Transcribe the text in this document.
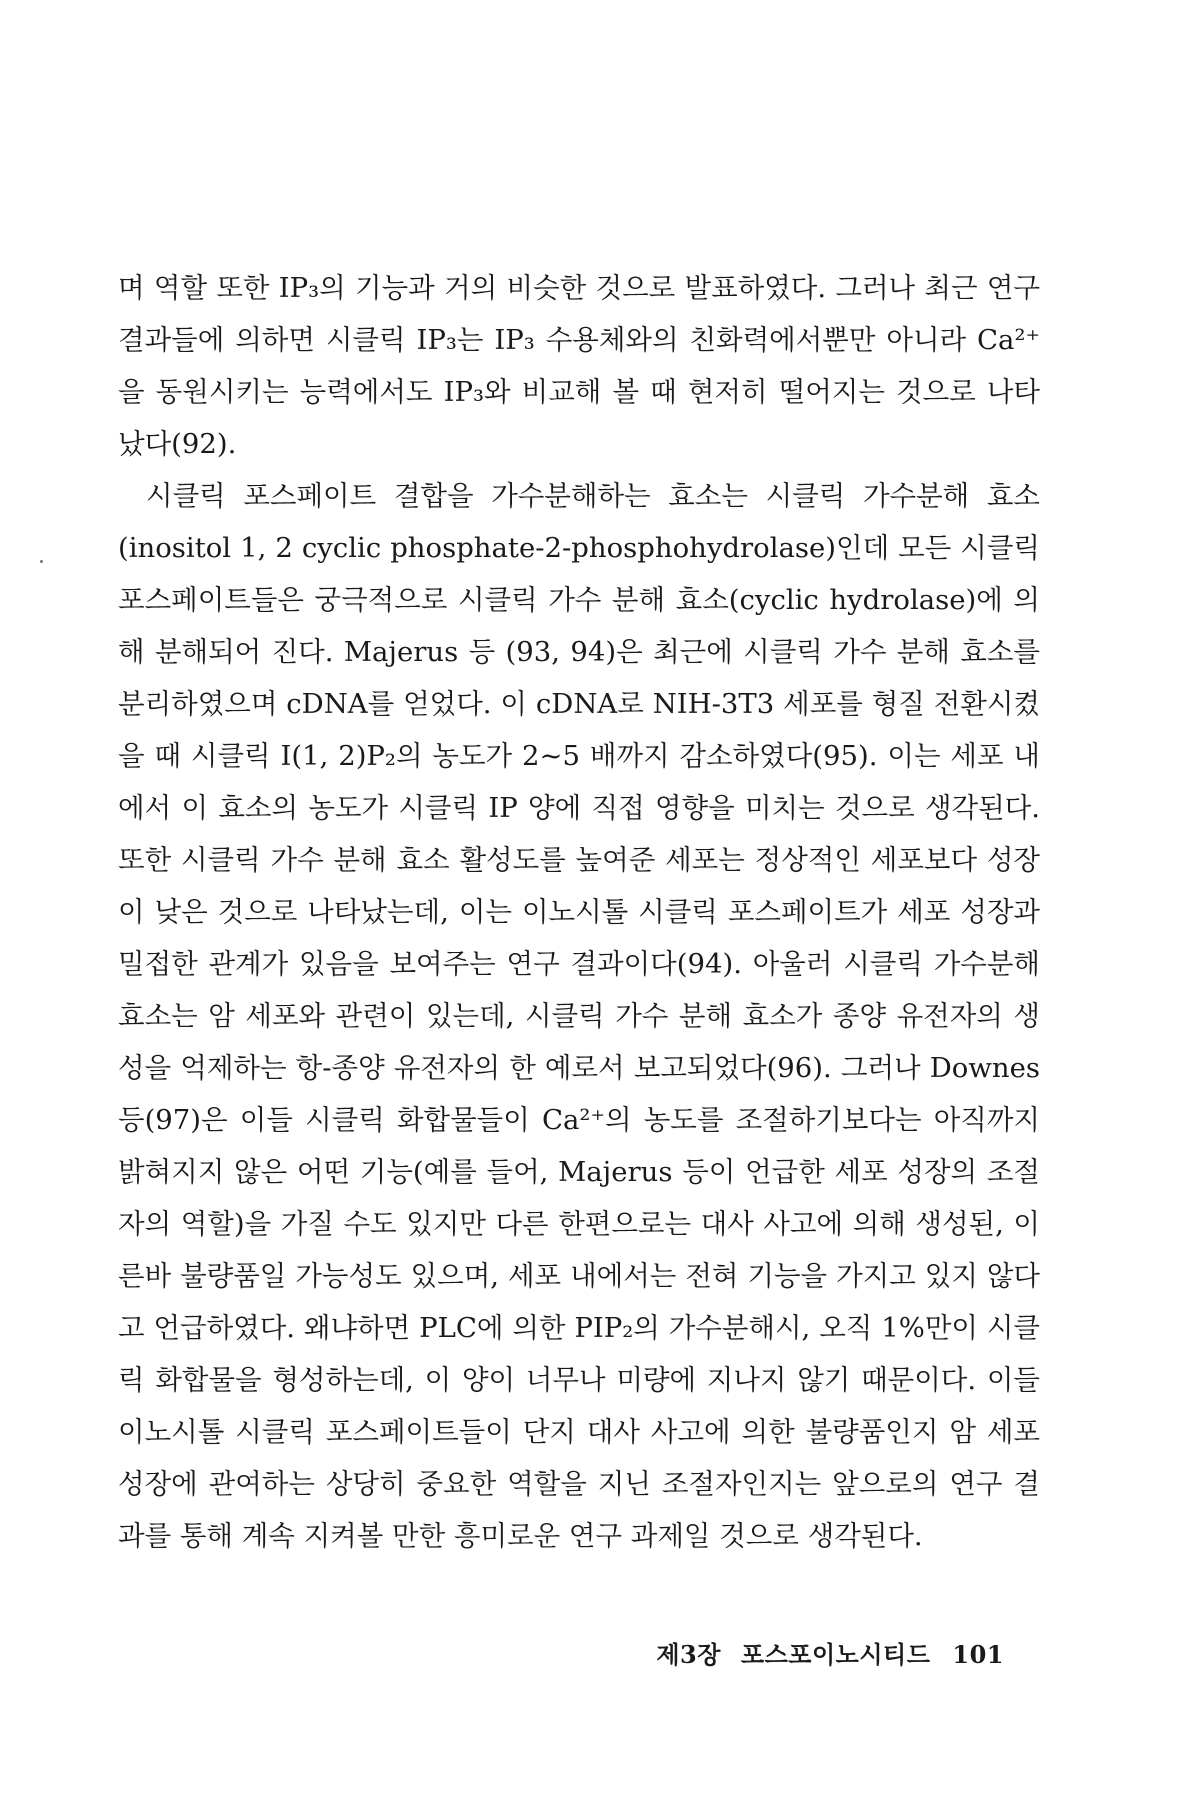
며 역할 또한 IP₃의 기능과 거의 비슷한 것으로 발표하였다. 그러나 최근 연구 결과들에 의하면 시클릭 IP₃는 IP₃ 수용체와의 친화력에서뿐만 아니라 Ca²⁺을 동원시키는 능력에서도 IP₃와 비교해 볼 때 현저히 떨어지는 것으로 나타났다(92).

시클릭 포스페이트 결합을 가수분해하는 효소는 시클릭 가수분해 효소(inositol 1, 2 cyclic phosphate-2-phosphohydrolase)인데 모든 시클릭 포스페이트들은 궁극적으로 시클릭 가수 분해 효소(cyclic hydrolase)에 의해 분해되어 진다. Majerus 등 (93, 94)은 최근에 시클릭 가수 분해 효소를 분리하였으며 cDNA를 얻었다. 이 cDNA로 NIH-3T3 세포를 형질 전환시켰을 때 시클릭 I(1, 2)P₂의 농도가 2~5 배까지 감소하였다(95). 이는 세포 내에서 이 효소의 농도가 시클릭 IP 양에 직접 영향을 미치는 것으로 생각된다. 또한 시클릭 가수 분해 효소 활성도를 높여준 세포는 정상적인 세포보다 성장이 낮은 것으로 나타났는데, 이는 이노시톨 시클릭 포스페이트가 세포 성장과 밀접한 관계가 있음을 보여주는 연구 결과이다(94). 아울러 시클릭 가수분해 효소는 암 세포와 관련이 있는데, 시클릭 가수 분해 효소가 종양 유전자의 생성을 억제하는 항-종양 유전자의 한 예로서 보고되었다(96). 그러나 Downes 등(97)은 이들 시클릭 화합물들이 Ca²⁺의 농도를 조절하기보다는 아직까지 밝혀지지 않은 어떤 기능(예를 들어, Majerus 등이 언급한 세포 성장의 조절자의 역할)을 가질 수도 있지만 다른 한편으로는 대사 사고에 의해 생성된, 이른바 불량품일 가능성도 있으며, 세포 내에서는 전혀 기능을 가지고 있지 않다고 언급하였다. 왜냐하면 PLC에 의한 PIP₂의 가수분해시, 오직 1%만이 시클릭 화합물을 형성하는데, 이 양이 너무나 미량에 지나지 않기 때문이다. 이들 이노시톨 시클릭 포스페이트들이 단지 대사 사고에 의한 불량품인지 암 세포 성장에 관여하는 상당히 중요한 역할을 지닌 조절자인지는 앞으로의 연구 결과를 통해 계속 지켜볼 만한 흥미로운 연구 과제일 것으로 생각된다.

제3장 포스포이노시티드 101
